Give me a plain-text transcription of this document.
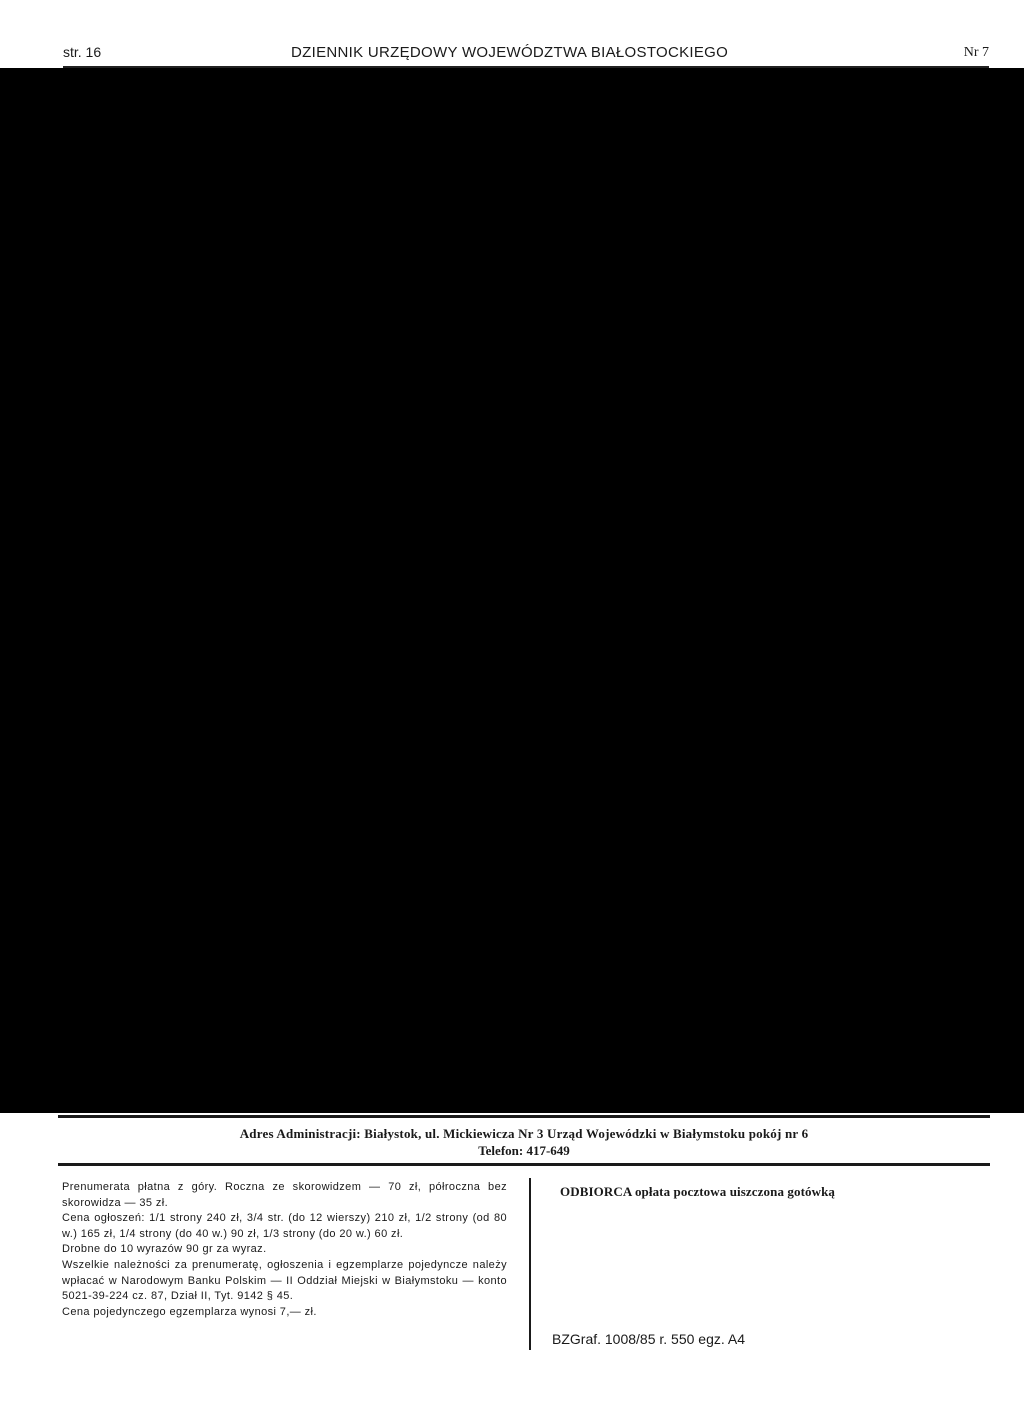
str. 16	DZIENNIK URZĘDOWY WOJEWÓDZTWA BIAŁOSTOCKIEGO	Nr 7
Adres Administracji: Białystok, ul. Mickiewicza Nr 3 Urząd Wojewódzki w Białymstoku pokój nr 6
Telefon: 417-649

Prenumerata płatna z góry. Roczna ze skorowidzem — 70 zł, półroczna bez skorowidza — 35 zł.

Cena ogłoszeń: 1/1 strony 240 zł, 3/4 str. (do 12 wierszy) 210 zł, 1/2 strony (od 80 w.) 165 zł, 1/4 strony (do 40 w.) 90 zł, 1/3 strony (do 20 w.) 60 zł.

Drobne do 10 wyrazów 90 gr za wyraz.

Wszelkie należności za prenumeratę, ogłoszenia i egzemplarze pojedyncze należy wpłacać w Narodowym Banku Polskim — II Oddział Miejski w Białymstoku — konto 5021-39-224 cz. 87, Dział II, Tyt. 9142 § 45.

Cena pojedynczego egzemplarza wynosi 7,— zł.

ODBIORCA opłata pocztowa uiszczona gotówką
BZGraf. 1008/85 r. 550 egz. A4
